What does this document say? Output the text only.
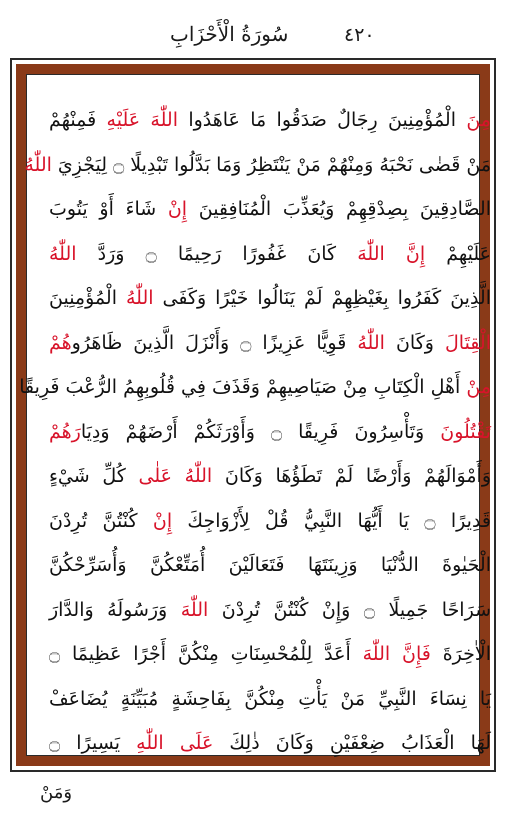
٤٢٠
سُورَةُ الْأَحْزَابِ
مِنَ الْمُؤْمِنِينَ رِجَالٌ صَدَقُوا مَا عَاهَدُوا اللّٰهَ عَلَيْهِ فَمِنْهُمْ
مَنْ قَضٰى نَحْبَهُ وَمِنْهُمْ مَنْ يَنْتَظِرُ وَمَا بَدَّلُوا تَبْدِيلًا ۝ لِيَجْزِيَ اللّٰهُ
الصَّادِقِينَ بِصِدْقِهِمْ وَيُعَذِّبَ الْمُنَافِقِينَ إِنْ شَاءَ أَوْ يَتُوبَ
عَلَيْهِمْ إِنَّ اللّٰهَ كَانَ غَفُورًا رَحِيمًا ۝ وَرَدَّ اللّٰهُ
الَّذِينَ كَفَرُوا بِغَيْظِهِمْ لَمْ يَنَالُوا خَيْرًا وَكَفَى اللّٰهُ الْمُؤْمِنِينَ
الْقِتَالَ وَكَانَ اللّٰهُ قَوِيًّا عَزِيزًا ۝ وَأَنْزَلَ الَّذِينَ ظَاهَرُوهُمْ
مِنْ أَهْلِ الْكِتَابِ مِنْ صَيَاصِيهِمْ وَقَذَفَ فِي قُلُوبِهِمُ الرُّعْبَ فَرِيقًا
تَقْتُلُونَ وَتَأْسِرُونَ فَرِيقًا ۝ وَأَوْرَثَكُمْ أَرْضَهُمْ وَدِيَارَهُمْ
وَأَمْوَالَهُمْ وَأَرْضًا لَمْ تَطَؤُهَا وَكَانَ اللّٰهُ عَلٰى كُلِّ شَيْءٍ
قَدِيرًا ۝ يَا أَيُّهَا النَّبِيُّ قُلْ لِأَزْوَاجِكَ إِنْ كُنْتُنَّ تُرِدْنَ
الْحَيٰوةَ الدُّنْيَا وَزِينَتَهَا فَتَعَالَيْنَ أُمَتِّعْكُنَّ وَأُسَرِّحْكُنَّ
سَرَاحًا جَمِيلًا ۝ وَإِنْ كُنْتُنَّ تُرِدْنَ اللّٰهَ وَرَسُولَهُ وَالدَّارَ
الْاٰخِرَةَ فَإِنَّ اللّٰهَ أَعَدَّ لِلْمُحْسِنَاتِ مِنْكُنَّ أَجْرًا عَظِيمًا ۝
يَا نِسَاءَ النَّبِيِّ مَنْ يَأْتِ مِنْكُنَّ بِفَاحِشَةٍ مُبَيِّنَةٍ يُضَاعَفْ
لَهَا الْعَذَابُ ضِعْفَيْنِ وَكَانَ ذٰلِكَ عَلَى اللّٰهِ يَسِيرًا ۝
وَمَنْ
